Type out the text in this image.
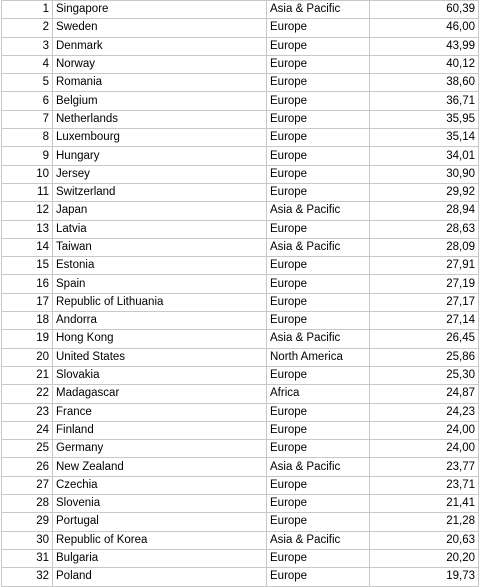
1	Singapore	Asia & Pacific	60,39
2	Sweden	Europe	46,00
3	Denmark	Europe	43,99
4	Norway	Europe	40,12
5	Romania	Europe	38,60
6	Belgium	Europe	36,71
7	Netherlands	Europe	35,95
8	Luxembourg	Europe	35,14
9	Hungary	Europe	34,01
10	Jersey	Europe	30,90
11	Switzerland	Europe	29,92
12	Japan	Asia & Pacific	28,94
13	Latvia	Europe	28,63
14	Taiwan	Asia & Pacific	28,09
15	Estonia	Europe	27,91
16	Spain	Europe	27,19
17	Republic of Lithuania	Europe	27,17
18	Andorra	Europe	27,14
19	Hong Kong	Asia & Pacific	26,45
20	United States	North America	25,86
21	Slovakia	Europe	25,30
22	Madagascar	Africa	24,87
23	France	Europe	24,23
24	Finland	Europe	24,00
25	Germany	Europe	24,00
26	New Zealand	Asia & Pacific	23,77
27	Czechia	Europe	23,71
28	Slovenia	Europe	21,41
29	Portugal	Europe	21,28
30	Republic of Korea	Asia & Pacific	20,63
31	Bulgaria	Europe	20,20
32	Poland	Europe	19,73
